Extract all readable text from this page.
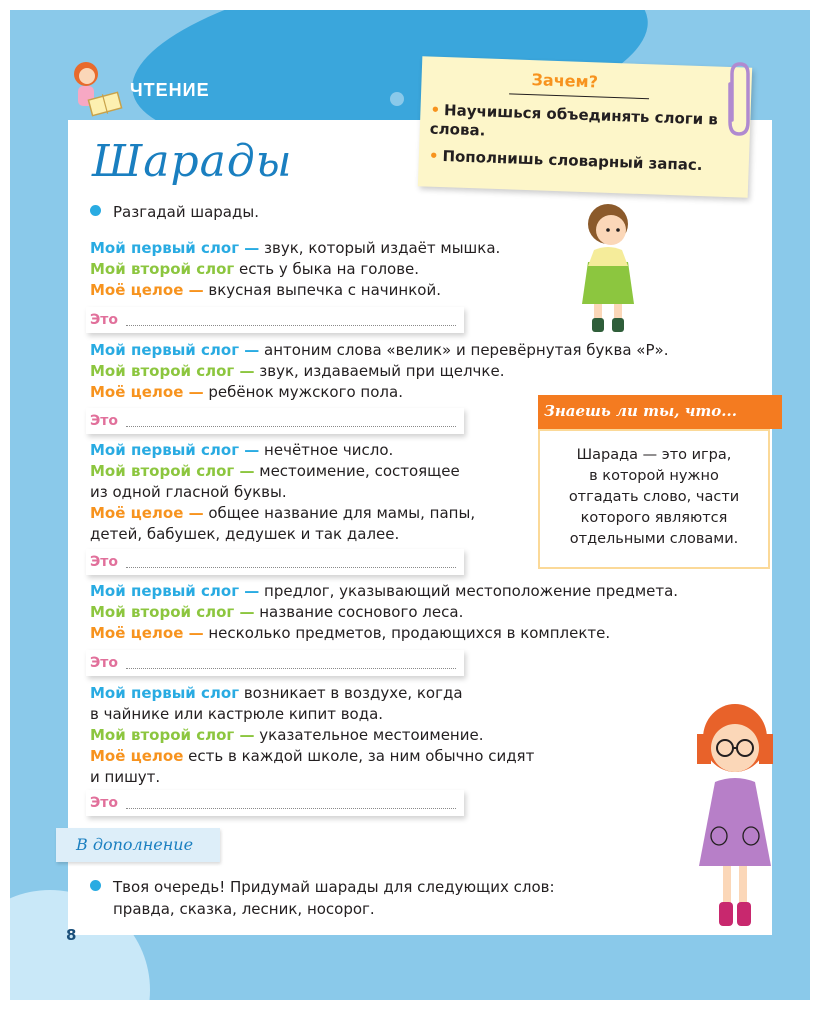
ЧТЕНИЕ
Шарады
Зачем?
• Научишься объединять слоги в слова.
• Пополнишь словарный запас.
Разгадай шарады.

Мой первый слог — звук, который издаёт мышка.

Мой второй слог есть у быка на голове.

Моё целое — вкусная выпечка с начинкой.

Это

Мой первый слог — антоним слова «велик» и перевёрнутая буква «Р».

Мой второй слог — звук, издаваемый при щелчке.

Моё целое — ребёнок мужского пола.

Это

Мой первый слог — нечётное число.

Мой второй слог — местоимение, состоящее

из одной гласной буквы.

Моё целое — общее название для мамы, папы,

детей, бабушек, дедушек и так далее.

Это

Мой первый слог — предлог, указывающий местоположение предмета.

Мой второй слог — название соснового леса.

Моё целое — несколько предметов, продающихся в комплекте.

Это

Мой первый слог возникает в воздухе, когда

в чайнике или кастрюле кипит вода.

Мой второй слог — указательное местоимение.

Моё целое есть в каждой школе, за ним обычно сидят

и пишут.

Это
Знаешь ли ты, что...

Шарада — это игра,

в которой нужно

отгадать слово, части

которого являются

отдельными словами.

В дополнение

Твоя очередь! Придумай шарады для следующих слов:

правда, сказка, лесник, носорог.

8
